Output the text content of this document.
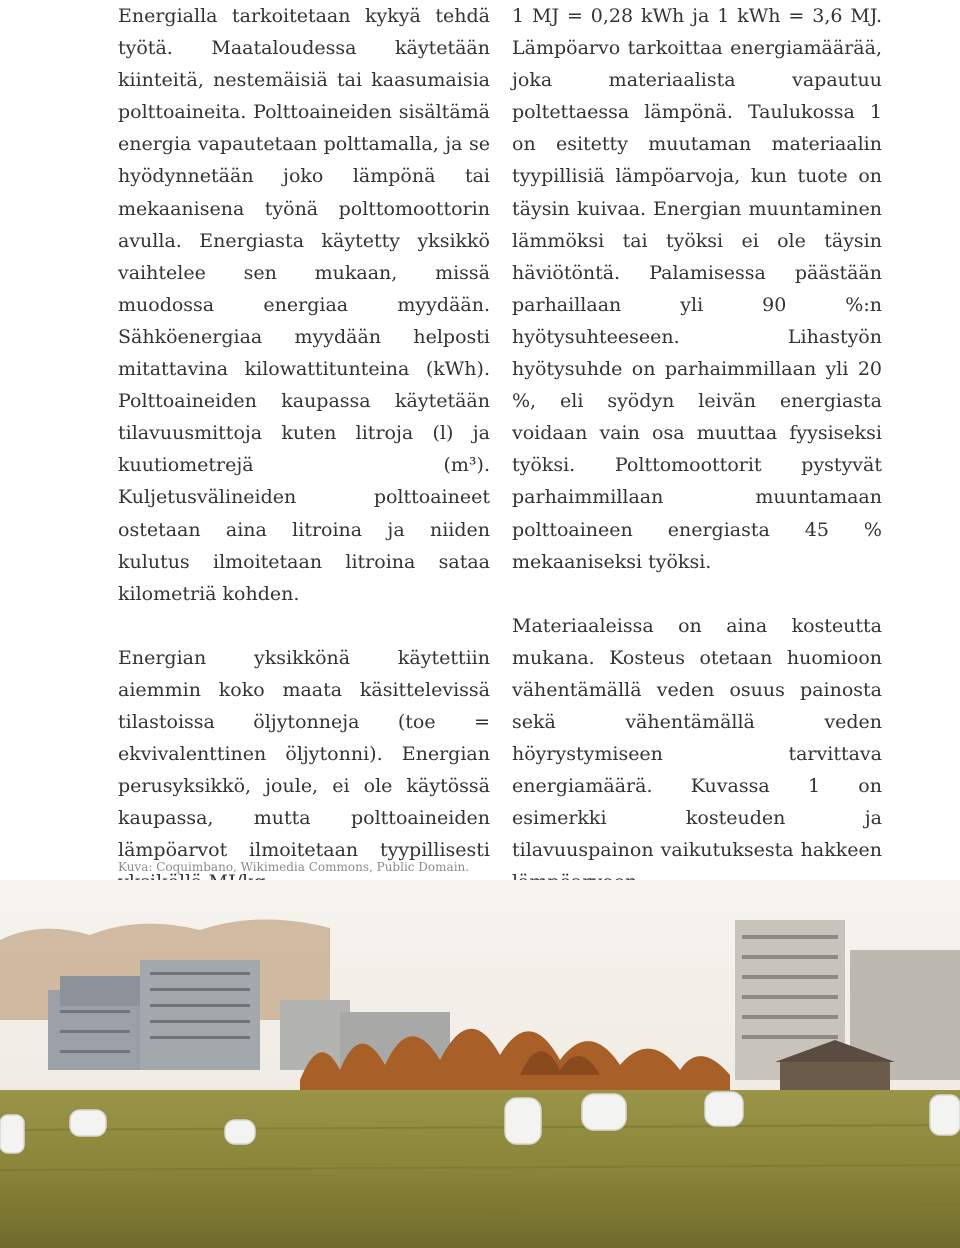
Energialla tarkoitetaan kykyä tehdä työtä. Maataloudessa käytetään kiinteitä, nestemäisiä tai kaasumaisia polttoaineita. Polttoaineiden sisältämä energia vapautetaan polttamalla, ja se hyödynnetään joko lämpönä tai mekaanisena työnä polttomoottorin avulla. Energiasta käytetty yksikkö vaihtelee sen mukaan, missä muodossa energiaa myydään. Sähköenergiaa myydään helposti mitattavina kilowattitunteina (kWh). Polttoaineiden kaupassa käytetään tilavuusmittoja kuten litroja (l) ja kuutiometrejä (m³). Kuljetusvälineiden polttoaineet ostetaan aina litroina ja niiden kulutus ilmoitetaan litroina sataa kilometriä kohden.

Energian yksikkönä käytettiin aiemmin koko maata käsittelevissä tilastoissa öljytonneja (toe = ekvivalenttinen öljytonni). Energian perusyksikkö, joule, ei ole käytössä kaupassa, mutta polttoaineiden lämpöarvot ilmoitetaan tyypillisesti

1 MJ = 0,28 kWh ja 1 kWh = 3,6 MJ. Lämpöarvo tarkoittaa energiamäärää, joka materiaalista vapautuu poltettaessa lämpönä. Taulukossa 1 on esitetty muutaman materiaalin tyypillisiä lämpöarvoja, kun tuote on täysin kuivaa. Energian muuntaminen lämmöksi tai työksi ei ole täysin häviötöntä. Palamisessa päästään parhaillaan yli 90 %:n hyötysuhteeseen. Lihastyön hyötysuhde on parhaimmillaan yli 20 %, eli syödyn leivän energiasta voidaan vain osa muuttaa fyysiseksi työksi. Polttomoottorit pystyvät parhaimmillaan muuntamaan polttoaineen energiasta 45 % mekaaniseksi työksi.

Materiaaleissa on aina kosteutta mukana. Kosteus otetaan huomioon vähentämällä veden osuus painosta sekä vähentämällä veden höyrystymiseen tarvittava energiamäärä. Kuvassa 1 on esimerkki kosteuden ja tilavuuspainon vaikutuksesta hakkeen

Kuva: Coquimbano, Wikimedia Commons, Public Domain.
